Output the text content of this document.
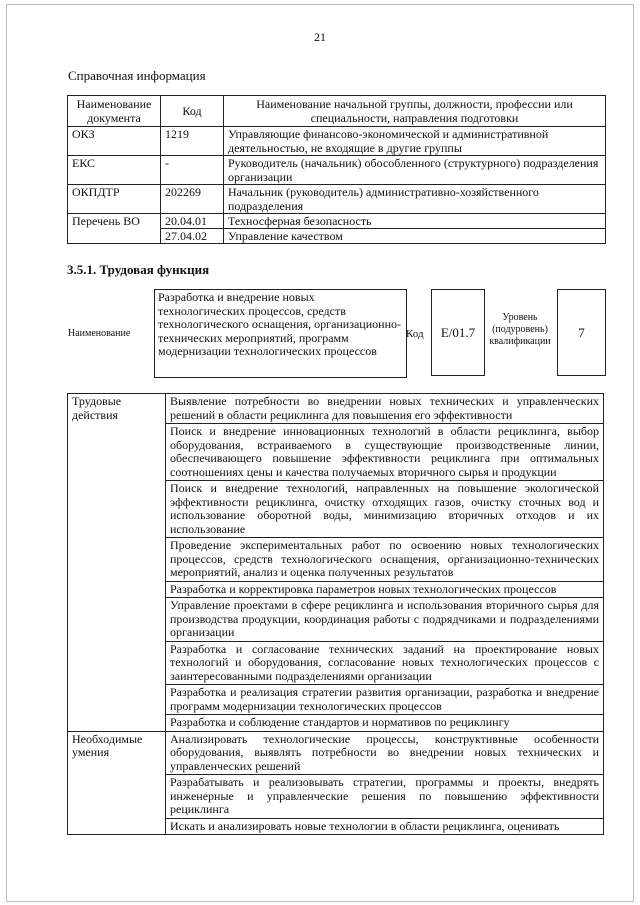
21
Справочная информация
Наименование документа	Код	Наименование начальной группы, должности, профессии или специальности, направления подготовки
ОКЗ	1219	Управляющие финансово-экономической и административной деятельностью, не входящие в другие группы
ЕКС	-	Руководитель (начальник) обособленного (структурного) подразделения организации
ОКПДТР	202269	Начальник (руководитель) административно-хозяйственного подразделения
Перечень ВО	20.04.01	Техносферная безопасность
	27.04.02	Управление качеством
3.5.1. Трудовая функция
Наименование
Разработка и внедрение новых технологических процессов, средств технологического оснащения, организационно-технических мероприятий, программ модернизации технологических процессов
Код	E/01.7
Уровень (подуровень) квалификации
7
Трудовые действия	Выявление потребности во внедрении новых технических и управленческих решений в области рециклинга для повышения его эффективности
	Поиск и внедрение инновационных технологий в области рециклинга, выбор оборудования, встраиваемого в существующие производственные линии, обеспечивающего повышение эффективности рециклинга при оптимальных соотношениях цены и качества получаемых вторичного сырья и продукции
	Поиск и внедрение технологий, направленных на повышение экологической эффективности рециклинга, очистку отходящих газов, очистку сточных вод и использование оборотной воды, минимизацию вторичных отходов и их использование
	Проведение экспериментальных работ по освоению новых технологических процессов, средств технологического оснащения, организационно-технических мероприятий, анализ и оценка полученных результатов
	Разработка и корректировка параметров новых технологических процессов
	Управление проектами в сфере рециклинга и использования вторичного сырья для производства продукции, координация работы с подрядчиками и подразделениями организации
	Разработка и согласование технических заданий на проектирование новых технологий и оборудования, согласование новых технологических процессов с заинтересованными подразделениями организации
	Разработка и реализация стратегии развития организации, разработка и внедрение программ модернизации технологических процессов
	Разработка и соблюдение стандартов и нормативов по рециклингу
Необходимые умения	Анализировать технологические процессы, конструктивные особенности оборудования, выявлять потребности во внедрении новых технических и управленческих решений
	Разрабатывать и реализовывать стратегии, программы и проекты, внедрять инженерные и управленческие решения по повышению эффективности рециклинга
	Искать и анализировать новые технологии в области рециклинга, оценивать
